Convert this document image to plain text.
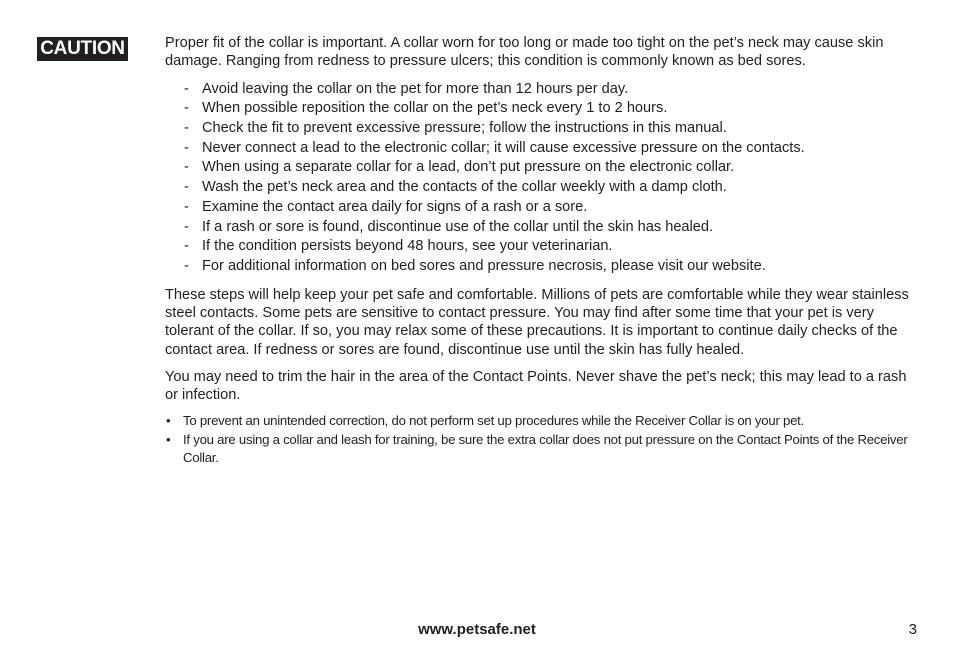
CAUTION	Proper fit of the collar is important. A collar worn for too long or made too tight on the pet’s neck may cause skin damage. Ranging from redness to pressure ulcers; this condition is commonly known as bed sores.

- Avoid leaving the collar on the pet for more than 12 hours per day.
- When possible reposition the collar on the pet’s neck every 1 to 2 hours.
- Check the fit to prevent excessive pressure; follow the instructions in this manual.
- Never connect a lead to the electronic collar; it will cause excessive pressure on the contacts.
- When using a separate collar for a lead, don’t put pressure on the electronic collar.
- Wash the pet’s neck area and the contacts of the collar weekly with a damp cloth.
- Examine the contact area daily for signs of a rash or a sore.
- If a rash or sore is found, discontinue use of the collar until the skin has healed.
- If the condition persists beyond 48 hours, see your veterinarian.
- For additional information on bed sores and pressure necrosis, please visit our website.

These steps will help keep your pet safe and comfortable. Millions of pets are comfortable while they wear stainless steel contacts. Some pets are sensitive to contact pressure. You may find after some time that your pet is very tolerant of the collar. If so, you may relax some of these precautions. It is important to continue daily checks of the contact area. If redness or sores are found, discontinue use until the skin has fully healed.

You may need to trim the hair in the area of the Contact Points. Never shave the pet’s neck; this may lead to a rash or infection.

• To prevent an unintended correction, do not perform set up procedures while the Receiver Collar is on your pet.
• If you are using a collar and leash for training, be sure the extra collar does not put pressure on the Contact Points of the Receiver Collar.
www.petsafe.net	3
